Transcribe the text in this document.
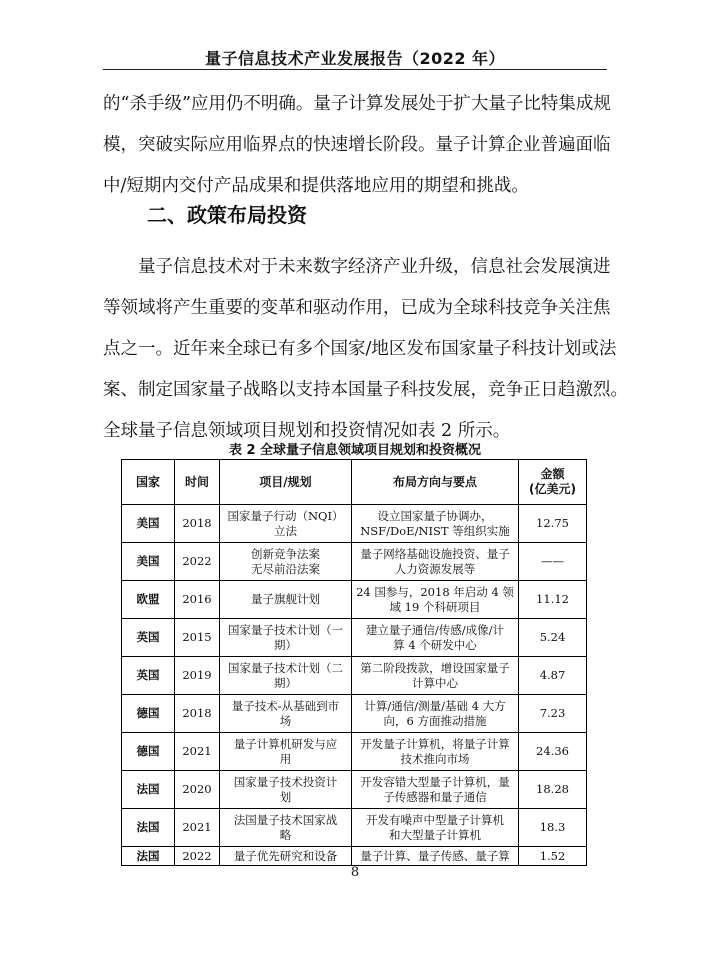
量子信息技术产业发展报告（2022 年）
的“杀手级”应用仍不明确。量子计算发展处于扩大量子比特集成规
模，突破实际应用临界点的快速增长阶段。量子计算企业普遍面临
中/短期内交付产品成果和提供落地应用的期望和挑战。
二、政策布局投资
量子信息技术对于未来数字经济产业升级，信息社会发展演进
等领域将产生重要的变革和驱动作用，已成为全球科技竞争关注焦
点之一。近年来全球已有多个国家/地区发布国家量子科技计划或法
案、制定国家量子战略以支持本国量子科技发展，竞争正日趋激烈。
全球量子信息领域项目规划和投资情况如表 2 所示。
表 2 全球量子信息领域项目规划和投资概况
国家	时间	项目/规划	布局方向与要点	金额
(亿美元)

美国	2018	国家量子行动（NQI）
立法	设立国家量子协调办，
NSF/DoE/NIST 等组织实施	12.75
美国	2022	创新竞争法案
无尽前沿法案	量子网络基础设施投资、量子
人力资源发展等	——
欧盟	2016	量子旗舰计划	24 国参与，2018 年启动 4 领
域 19 个科研项目	11.12
英国	2015	国家量子技术计划（一
期）	建立量子通信/传感/成像/计
算 4 个研发中心	5.24
英国	2019	国家量子技术计划（二
期）	第二阶段拨款，增设国家量子
计算中心	4.87
德国	2018	量子技术-从基础到市
场	计算/通信/测量/基础 4 大方
向，6 方面推动措施	7.23
德国	2021	量子计算机研发与应
用	开发量子计算机，将量子计算
技术推向市场	24.36
法国	2020	国家量子技术投资计
划	开发容错大型量子计算机，量
子传感器和量子通信	18.28
法国	2021	法国量子技术国家战
略	开发有噪声中型量子计算机
和大型量子计算机	18.3
法国	2022	量子优先研究和设备	量子计算、量子传感、量子算	1.52
8
